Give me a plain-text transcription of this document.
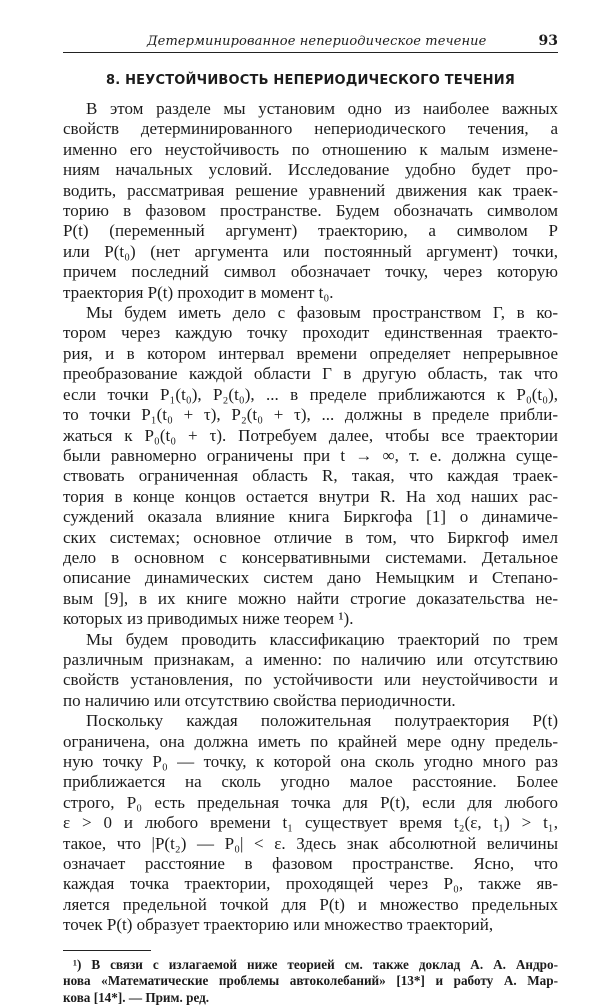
Детерминированное непериодическое течение	93
8. НЕУСТОЙЧИВОСТЬ НЕПЕРИОДИЧЕСКОГО ТЕЧЕНИЯ

В этом разделе мы установим одно из наиболее важных
свойств детерминированного непериодического течения, а
именно его неустойчивость по отношению к малым измене-
ниям начальных условий. Исследование удобно будет про-
водить, рассматривая решение уравнений движения как траек-
торию в фазовом пространстве. Будем обозначать символом
P(t) (переменный аргумент) траекторию, а символом P
или P(t₀) (нет аргумента или постоянный аргумент) точки,
причем последний символ обозначает точку, через которую
траектория P(t) проходит в момент t₀.

Мы будем иметь дело с фазовым пространством Γ, в ко-
тором через каждую точку проходит единственная траекто-
рия, и в котором интервал времени определяет непрерывное
преобразование каждой области Γ в другую область, так что
если точки P₁(t₀), P₂(t₀), ... в пределе приближаются к P₀(t₀),
то точки P₁(t₀ + τ), P₂(t₀ + τ), ... должны в пределе прибли-
жаться к P₀(t₀ + τ). Потребуем далее, чтобы все траектории
были равномерно ограничены при t → ∞, т. е. должна суще-
ствовать ограниченная область R, такая, что каждая траек-
тория в конце концов остается внутри R. На ход наших рас-
суждений оказала влияние книга Биркгофа [1] о динамиче-
ских системах; основное отличие в том, что Биркгоф имел
дело в основном с консервативными системами. Детальное
описание динамических систем дано Немыцким и Степано-
вым [9], в их книге можно найти строгие доказательства не-
которых из приводимых ниже теорем ¹).

Мы будем проводить классификацию траекторий по трем
различным признакам, а именно: по наличию или отсутствию
свойств установления, по устойчивости или неустойчивости и
по наличию или отсутствию свойства периодичности.

Поскольку каждая положительная полутраектория P(t)
ограничена, она должна иметь по крайней мере одну предель-
ную точку P₀ — точку, к которой она сколь угодно много раз
приближается на сколь угодно малое расстояние. Более
строго, P₀ есть предельная точка для P(t), если для любого
ε > 0 и любого времени t₁ существует время t₂(ε, t₁) > t₁,
такое, что |P(t₂) — P₀| < ε. Здесь знак абсолютной величины
означает расстояние в фазовом пространстве. Ясно, что
каждая точка траектории, проходящей через P₀, также яв-
ляется предельной точкой для P(t) и множество предельных
точек P(t) образует траекторию или множество траекторий,

¹) В связи с излагаемой ниже теорией см. также доклад А. А. Андро-
нова «Математические проблемы автоколебаний» [13*] и работу А. Мар-
кова [14*]. — Прим. ред.
